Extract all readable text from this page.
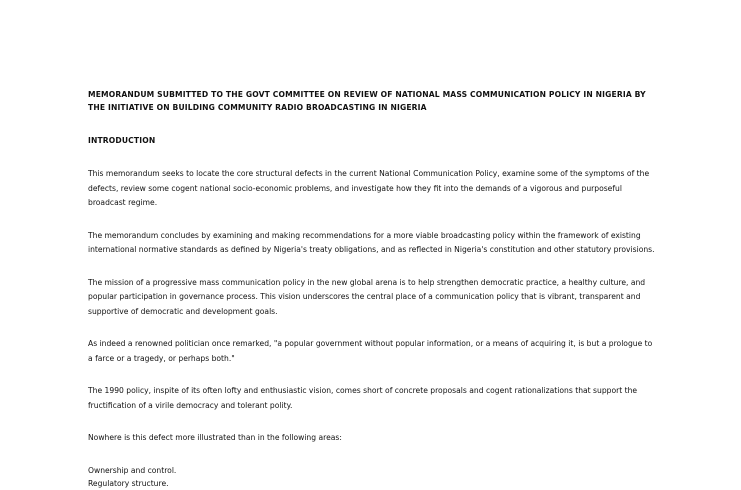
MEMORANDUM SUBMITTED TO THE GOVT COMMITTEE ON REVIEW OF NATIONAL MASS COMMUNICATION POLICY IN NIGERIA BY THE INITIATIVE ON BUILDING COMMUNITY RADIO BROADCASTING IN NIGERIA
INTRODUCTION

This memorandum seeks to locate the core structural defects in the current National Communication Policy, examine some of the symptoms of the defects, review some cogent national socio-economic problems, and investigate how they fit into the demands of a vigorous and purposeful broadcast regime.

The memorandum concludes by examining and making recommendations for a more viable broadcasting policy within the framework of existing international normative standards as defined by Nigeria's treaty obligations, and as reflected in Nigeria's constitution and other statutory provisions.

The mission of a progressive mass communication policy in the new global arena is to help strengthen democratic practice, a healthy culture, and popular participation in governance process. This vision underscores the central place of a communication policy that is vibrant, transparent and supportive of democratic and development goals.

As indeed a renowned politician once remarked, "a popular government without popular information, or a means of acquiring it, is but a prologue to a farce or a tragedy, or perhaps both."

The 1990 policy, inspite of its often lofty and enthusiastic vision, comes short of concrete proposals and cogent rationalizations that support the fructification of a virile democracy and tolerant polity.

Nowhere is this defect more illustrated than in the following areas:

Ownership and control.
Regulatory structure.
